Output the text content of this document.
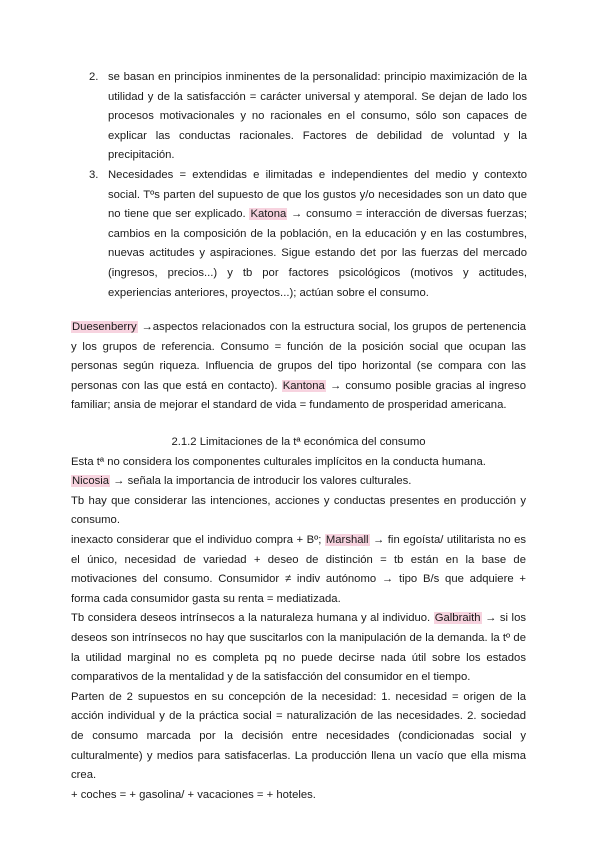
2. se basan en principios inminentes de la personalidad: principio maximización de la utilidad y de la satisfacción = carácter universal y atemporal. Se dejan de lado los procesos motivacionales y no racionales en el consumo, sólo son capaces de explicar las conductas racionales. Factores de debilidad de voluntad y la precipitación.
3. Necesidades = extendidas e ilimitadas e independientes del medio y contexto social. Tºs parten del supuesto de que los gustos y/o necesidades son un dato que no tiene que ser explicado. Katona → consumo = interacción de diversas fuerzas; cambios en la composición de la población, en la educación y en las costumbres, nuevas actitudes y aspiraciones. Sigue estando det por las fuerzas del mercado (ingresos, precios...) y tb por factores psicológicos (motivos y actitudes, experiencias anteriores, proyectos...); actúan sobre el consumo.

Duesenberry →aspectos relacionados con la estructura social, los grupos de pertenencia y los grupos de referencia. Consumo = función de la posición social que ocupan las personas según riqueza. Influencia de grupos del tipo horizontal (se compara con las personas con las que está en contacto). Kantona → consumo posible gracias al ingreso familiar; ansia de mejorar el standard de vida = fundamento de prosperidad americana.

2.1.2 Limitaciones de la tª económica del consumo

Esta tª no considera los componentes culturales implícitos en la conducta humana.

Nicosia → señala la importancia de introducir los valores culturales.

Tb hay que considerar las intenciones, acciones y conductas presentes en producción y consumo.

inexacto considerar que el individuo compra + Bº; Marshall → fin egoísta/ utilitarista no es el único, necesidad de variedad + deseo de distinción = tb están en la base de motivaciones del consumo. Consumidor ≠ indiv autónomo → tipo B/s que adquiere + forma cada consumidor gasta su renta = mediatizada.

Tb considera deseos intrínsecos a la naturaleza humana y al individuo. Galbraith → si los deseos son intrínsecos no hay que suscitarlos con la manipulación de la demanda. la tº de la utilidad marginal no es completa pq no puede decirse nada útil sobre los estados comparativos de la mentalidad y de la satisfacción del consumidor en el tiempo.

Parten de 2 supuestos en su concepción de la necesidad: 1. necesidad = origen de la acción individual y de la práctica social = naturalización de las necesidades. 2. sociedad de consumo marcada por la decisión entre necesidades (condicionadas social y culturalmente) y medios para satisfacerlas. La producción llena un vacío que ella misma crea.

+ coches = + gasolina/ + vacaciones = + hoteles.
